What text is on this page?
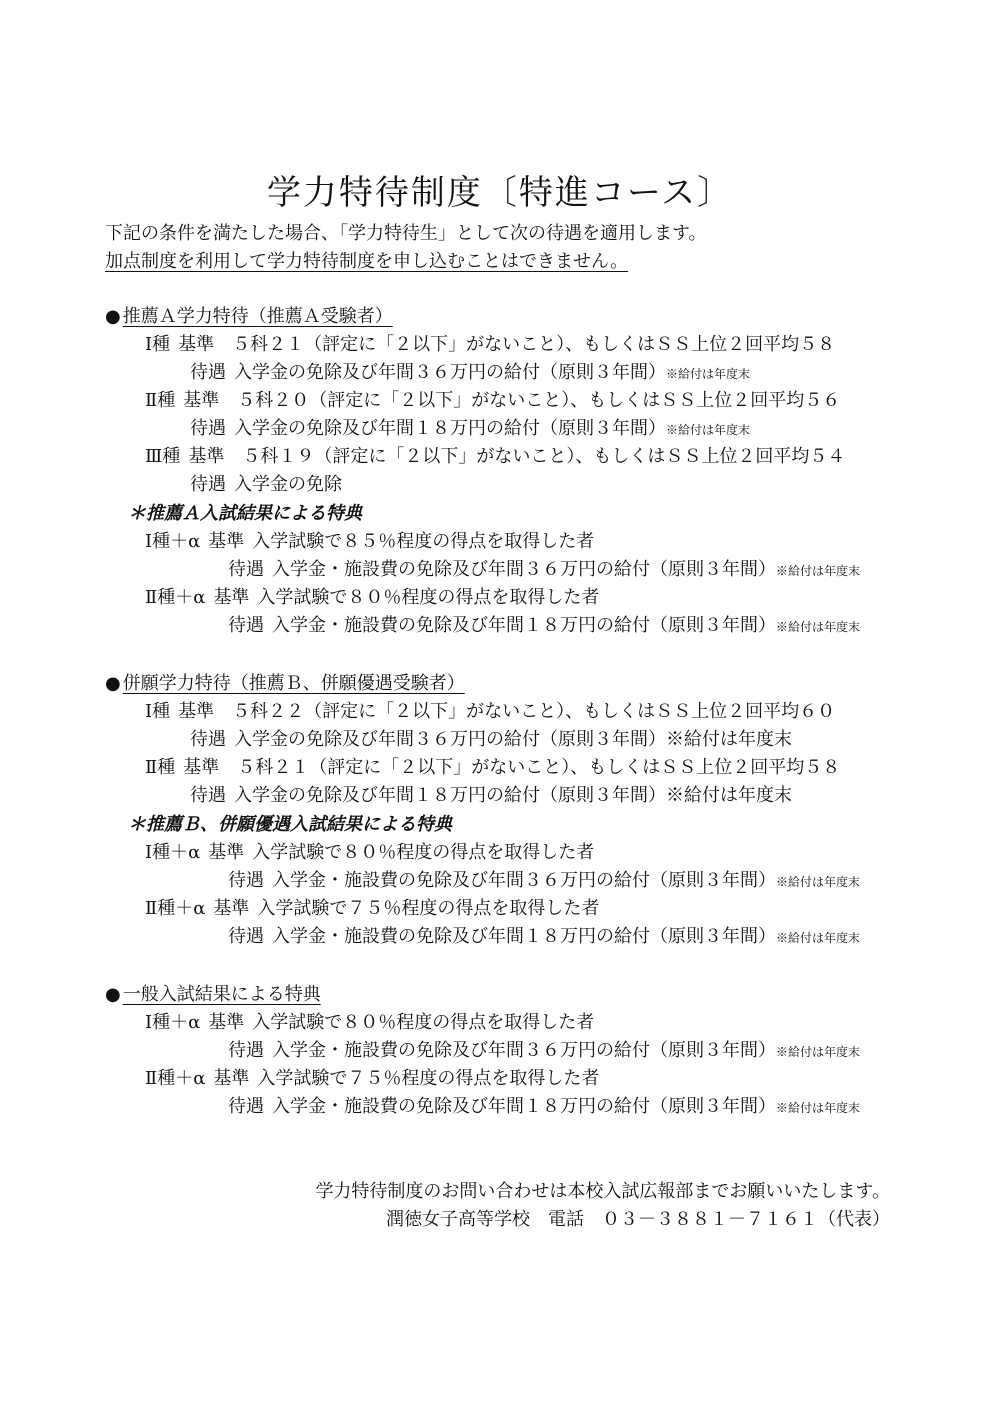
学力特待制度〔特進コース〕
下記の条件を満たした場合、「学力特待生」として次の待遇を適用します。
加点制度を利用して学力特待制度を申し込むことはできません。
● 推薦Ａ学力特待（推薦Ａ受験者）
Ⅰ種 基準 ５科２１（評定に「２以下」がないこと）、もしくはＳＳ上位２回平均５８
待遇 入学金の免除及び年間３６万円の給付（原則３年間）※給付は年度末
Ⅱ種 基準 ５科２０（評定に「２以下」がないこと）、もしくはＳＳ上位２回平均５６
待遇 入学金の免除及び年間１８万円の給付（原則３年間）※給付は年度末
Ⅲ種 基準 ５科１９（評定に「２以下」がないこと）、もしくはＳＳ上位２回平均５４
待遇 入学金の免除
＊推薦Ａ入試結果による特典
Ⅰ種＋α 基準 入学試験で８５％程度の得点を取得した者
待遇 入学金・施設費の免除及び年間３６万円の給付（原則３年間）※給付は年度末
Ⅱ種＋α 基準 入学試験で８０％程度の得点を取得した者
待遇 入学金・施設費の免除及び年間１８万円の給付（原則３年間）※給付は年度末
● 併願学力特待（推薦Ｂ、併願優遇受験者）
Ⅰ種 基準 ５科２２（評定に「２以下」がないこと）、もしくはＳＳ上位２回平均６０
待遇 入学金の免除及び年間３６万円の給付（原則３年間）※給付は年度末
Ⅱ種 基準 ５科２１（評定に「２以下」がないこと）、もしくはＳＳ上位２回平均５８
待遇 入学金の免除及び年間１８万円の給付（原則３年間）※給付は年度末
＊推薦Ｂ、併願優遇入試結果による特典
Ⅰ種＋α 基準 入学試験で８０％程度の得点を取得した者
待遇 入学金・施設費の免除及び年間３６万円の給付（原則３年間）※給付は年度末
Ⅱ種＋α 基準 入学試験で７５％程度の得点を取得した者
待遇 入学金・施設費の免除及び年間１８万円の給付（原則３年間）※給付は年度末
● 一般入試結果による特典
Ⅰ種＋α 基準 入学試験で８０％程度の得点を取得した者
待遇 入学金・施設費の免除及び年間３６万円の給付（原則３年間）※給付は年度末
Ⅱ種＋α 基準 入学試験で７５％程度の得点を取得した者
待遇 入学金・施設費の免除及び年間１８万円の給付（原則３年間）※給付は年度末
学力特待制度のお問い合わせは本校入試広報部までお願いいたします。
潤徳女子高等学校 電話 ０３－３８８１－７１６１（代表）
